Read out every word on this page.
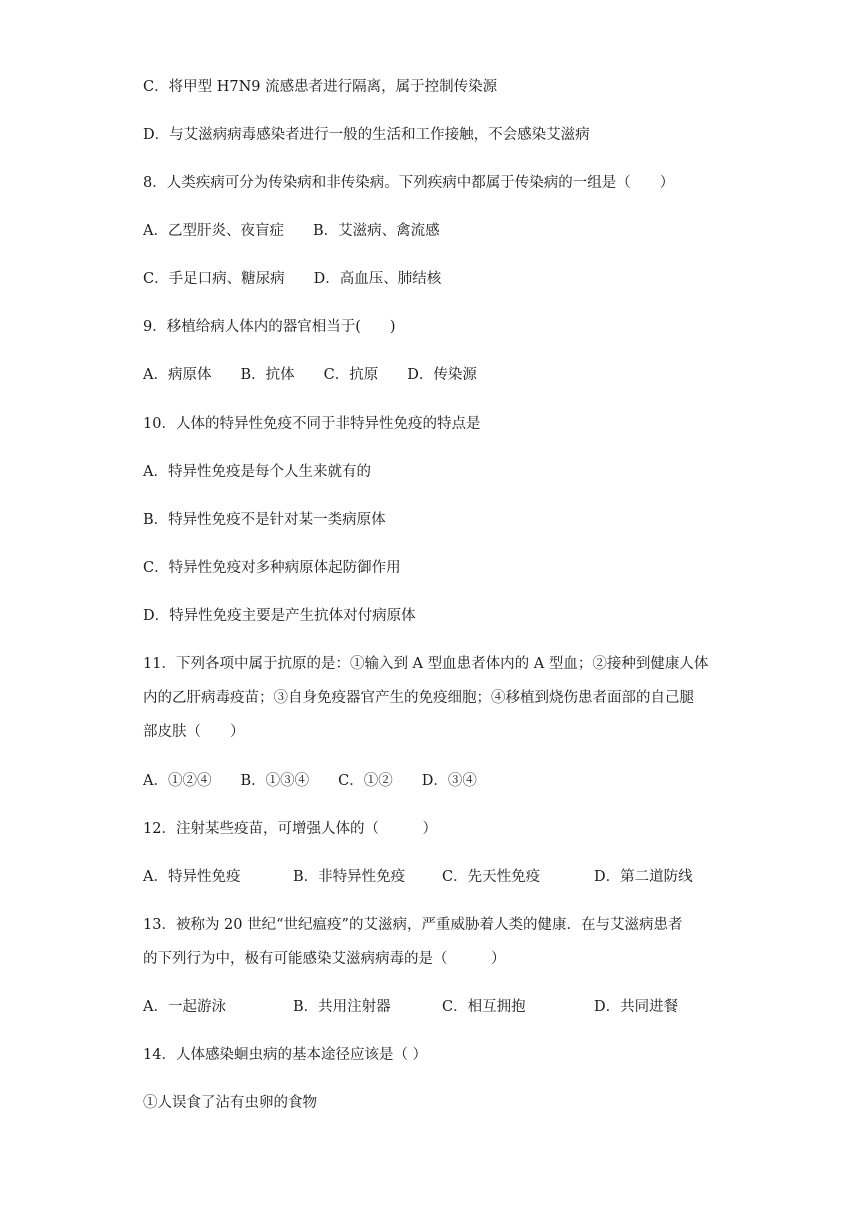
C．将甲型 H7N9 流感患者进行隔离，属于控制传染源
D．与艾滋病病毒感染者进行一般的生活和工作接触，不会感染艾滋病
8．人类疾病可分为传染病和非传染病。下列疾病中都属于传染病的一组是（　　）
A．乙型肝炎、夜盲症　　B．艾滋病、禽流感
C．手足口病、糖尿病　　D．高血压、肺结核
9．移植给病人体内的器官相当于(　　)
A．病原体　　B．抗体　　C．抗原　　D．传染源
10．人体的特异性免疫不同于非特异性免疫的特点是
A．特异性免疫是每个人生来就有的
B．特异性免疫不是针对某一类病原体
C．特异性免疫对多种病原体起防御作用
D．特异性免疫主要是产生抗体对付病原体
11．下列各项中属于抗原的是：①输入到 A 型血患者体内的 A 型血；②接种到健康人体
内的乙肝病毒疫苗；③自身免疫器官产生的免疫细胞；④移植到烧伤患者面部的自己腿
部皮肤（　　）
A．①②④　　B．①③④　　C．①②　　D．③④
12．注射某些疫苗，可增强人体的（　　　）
A．特异性免疫	B．非特异性免疫	C．先天性免疫	D．第二道防线
13．被称为 20 世纪“世纪瘟疫”的艾滋病，严重威胁着人类的健康．在与艾滋病患者
的下列行为中，极有可能感染艾滋病病毒的是（　　　）
A．一起游泳	B．共用注射器	C．相互拥抱	D．共同进餐
14．人体感染蛔虫病的基本途径应该是（ ）
①人误食了沾有虫卵的食物
